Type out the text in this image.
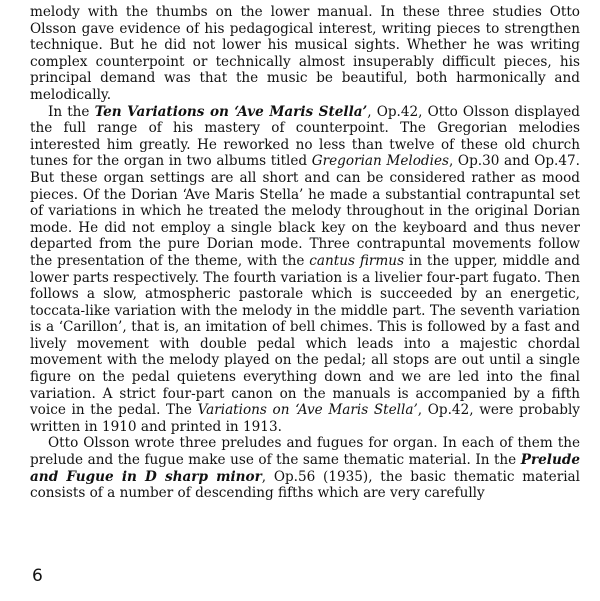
melody with the thumbs on the lower manual. In these three studies Otto Olsson gave evidence of his pedagogical interest, writing pieces to strengthen technique. But he did not lower his musical sights. Whether he was writing complex counterpoint or technically almost insuperably difficult pieces, his principal demand was that the music be beautiful, both harmonically and melodically.

In the Ten Variations on ‘Ave Maris Stella’, Op.42, Otto Olsson displayed the full range of his mastery of counterpoint. The Gregorian melodies interested him greatly. He reworked no less than twelve of these old church tunes for the organ in two albums titled Gregorian Melodies, Op.30 and Op.47. But these organ settings are all short and can be considered rather as mood pieces. Of the Dorian ‘Ave Maris Stella’ he made a substantial contrapuntal set of variations in which he treated the melody throughout in the original Dorian mode. He did not employ a single black key on the keyboard and thus never departed from the pure Dorian mode. Three contrapuntal movements follow the presentation of the theme, with the cantus firmus in the upper, middle and lower parts respectively. The fourth variation is a livelier four-part fugato. Then follows a slow, atmospheric pastorale which is succeeded by an energetic, toccata-like variation with the melody in the middle part. The seventh variation is a ‘Carillon’, that is, an imitation of bell chimes. This is followed by a fast and lively movement with double pedal which leads into a majestic chordal movement with the melody played on the pedal; all stops are out until a single figure on the pedal quietens everything down and we are led into the final variation. A strict four-part canon on the manuals is accompanied by a fifth voice in the pedal. The Variations on ‘Ave Maris Stella’, Op.42, were probably written in 1910 and printed in 1913.

Otto Olsson wrote three preludes and fugues for organ. In each of them the prelude and the fugue make use of the same thematic material. In the Prelude and Fugue in D sharp minor, Op.56 (1935), the basic thematic material consists of a number of descending fifths which are very carefully

6
